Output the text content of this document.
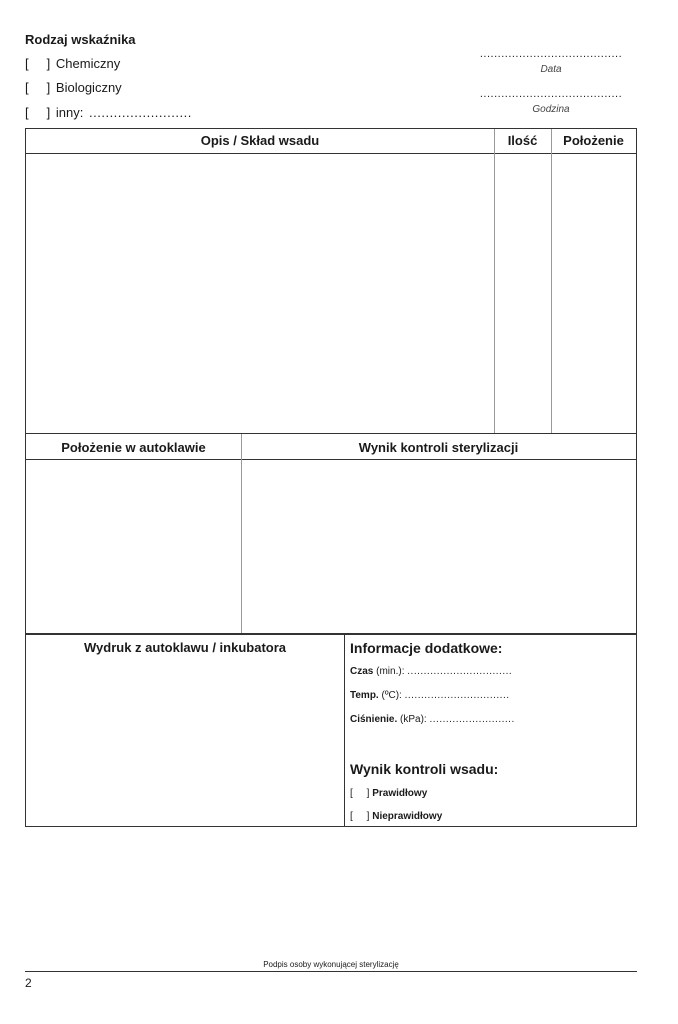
Rodzaj wskaźnika
[     ] Chemiczny
[     ] Biologiczny
[     ] inny: .........................
........................................
Data
........................................
Godzina
Opis / Skład wsadu	Ilość	Położenie
Położenie w autoklawie	Wynik kontroli sterylizacji
Wydruk z autoklawu / inkubatora	Informacje dodatkowe:
Czas (min.): ................................
Temp. (ºC): ................................
Ciśnienie. (kPa): ..........................
Wynik kontroli wsadu:
[     ] Prawidłowy
[     ] Nieprawidłowy
Podpis osoby wykonującej sterylizację
2
